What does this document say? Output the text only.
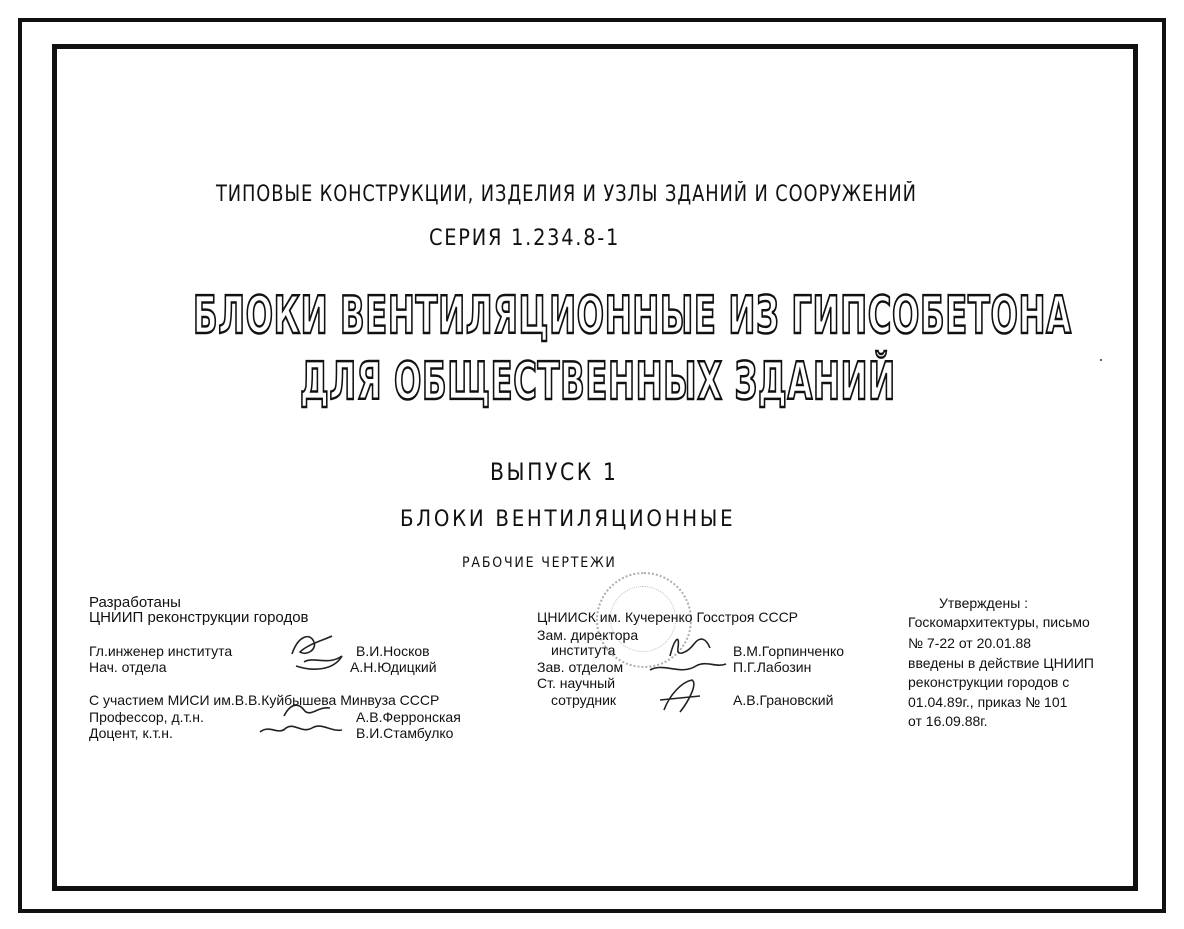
ТИПОВЫЕ КОНСТРУКЦИИ, ИЗДЕЛИЯ И УЗЛЫ ЗДАНИЙ И СООРУЖЕНИЙ
СЕРИЯ 1.234.8-1
БЛОКИ ВЕНТИЛЯЦИОННЫЕ ИЗ ГИПСОБЕТОНА
ДЛЯ ОБЩЕСТВЕННЫХ ЗДАНИЙ
ВЫПУСК 1
БЛОКИ ВЕНТИЛЯЦИОННЫЕ
РАБОЧИЕ ЧЕРТЕЖИ
Разработаны
ЦНИИП реконструкции городов
Гл.инженер института	В.И.Носков
Нач. отдела	А.Н.Юдицкий
С участием МИСИ им.В.В.Куйбышева Минвуза СССР
Профессор, д.т.н.	А.В.Ферронская
Доцент, к.т.н.	В.И.Стамбулко
ЦНИИСК им. Кучеренко Госстроя СССР
Зам. директора
института	В.М.Горпинченко
Зав. отделом	П.Г.Лабозин
Ст. научный
сотрудник	А.В.Грановский
Утверждены :
Госкомархитектуры, письмо
№ 7-22 от 20.01.88
введены в действие ЦНИИП
реконструкции городов с
01.04.89г., приказ № 101
от 16.09.88г.
